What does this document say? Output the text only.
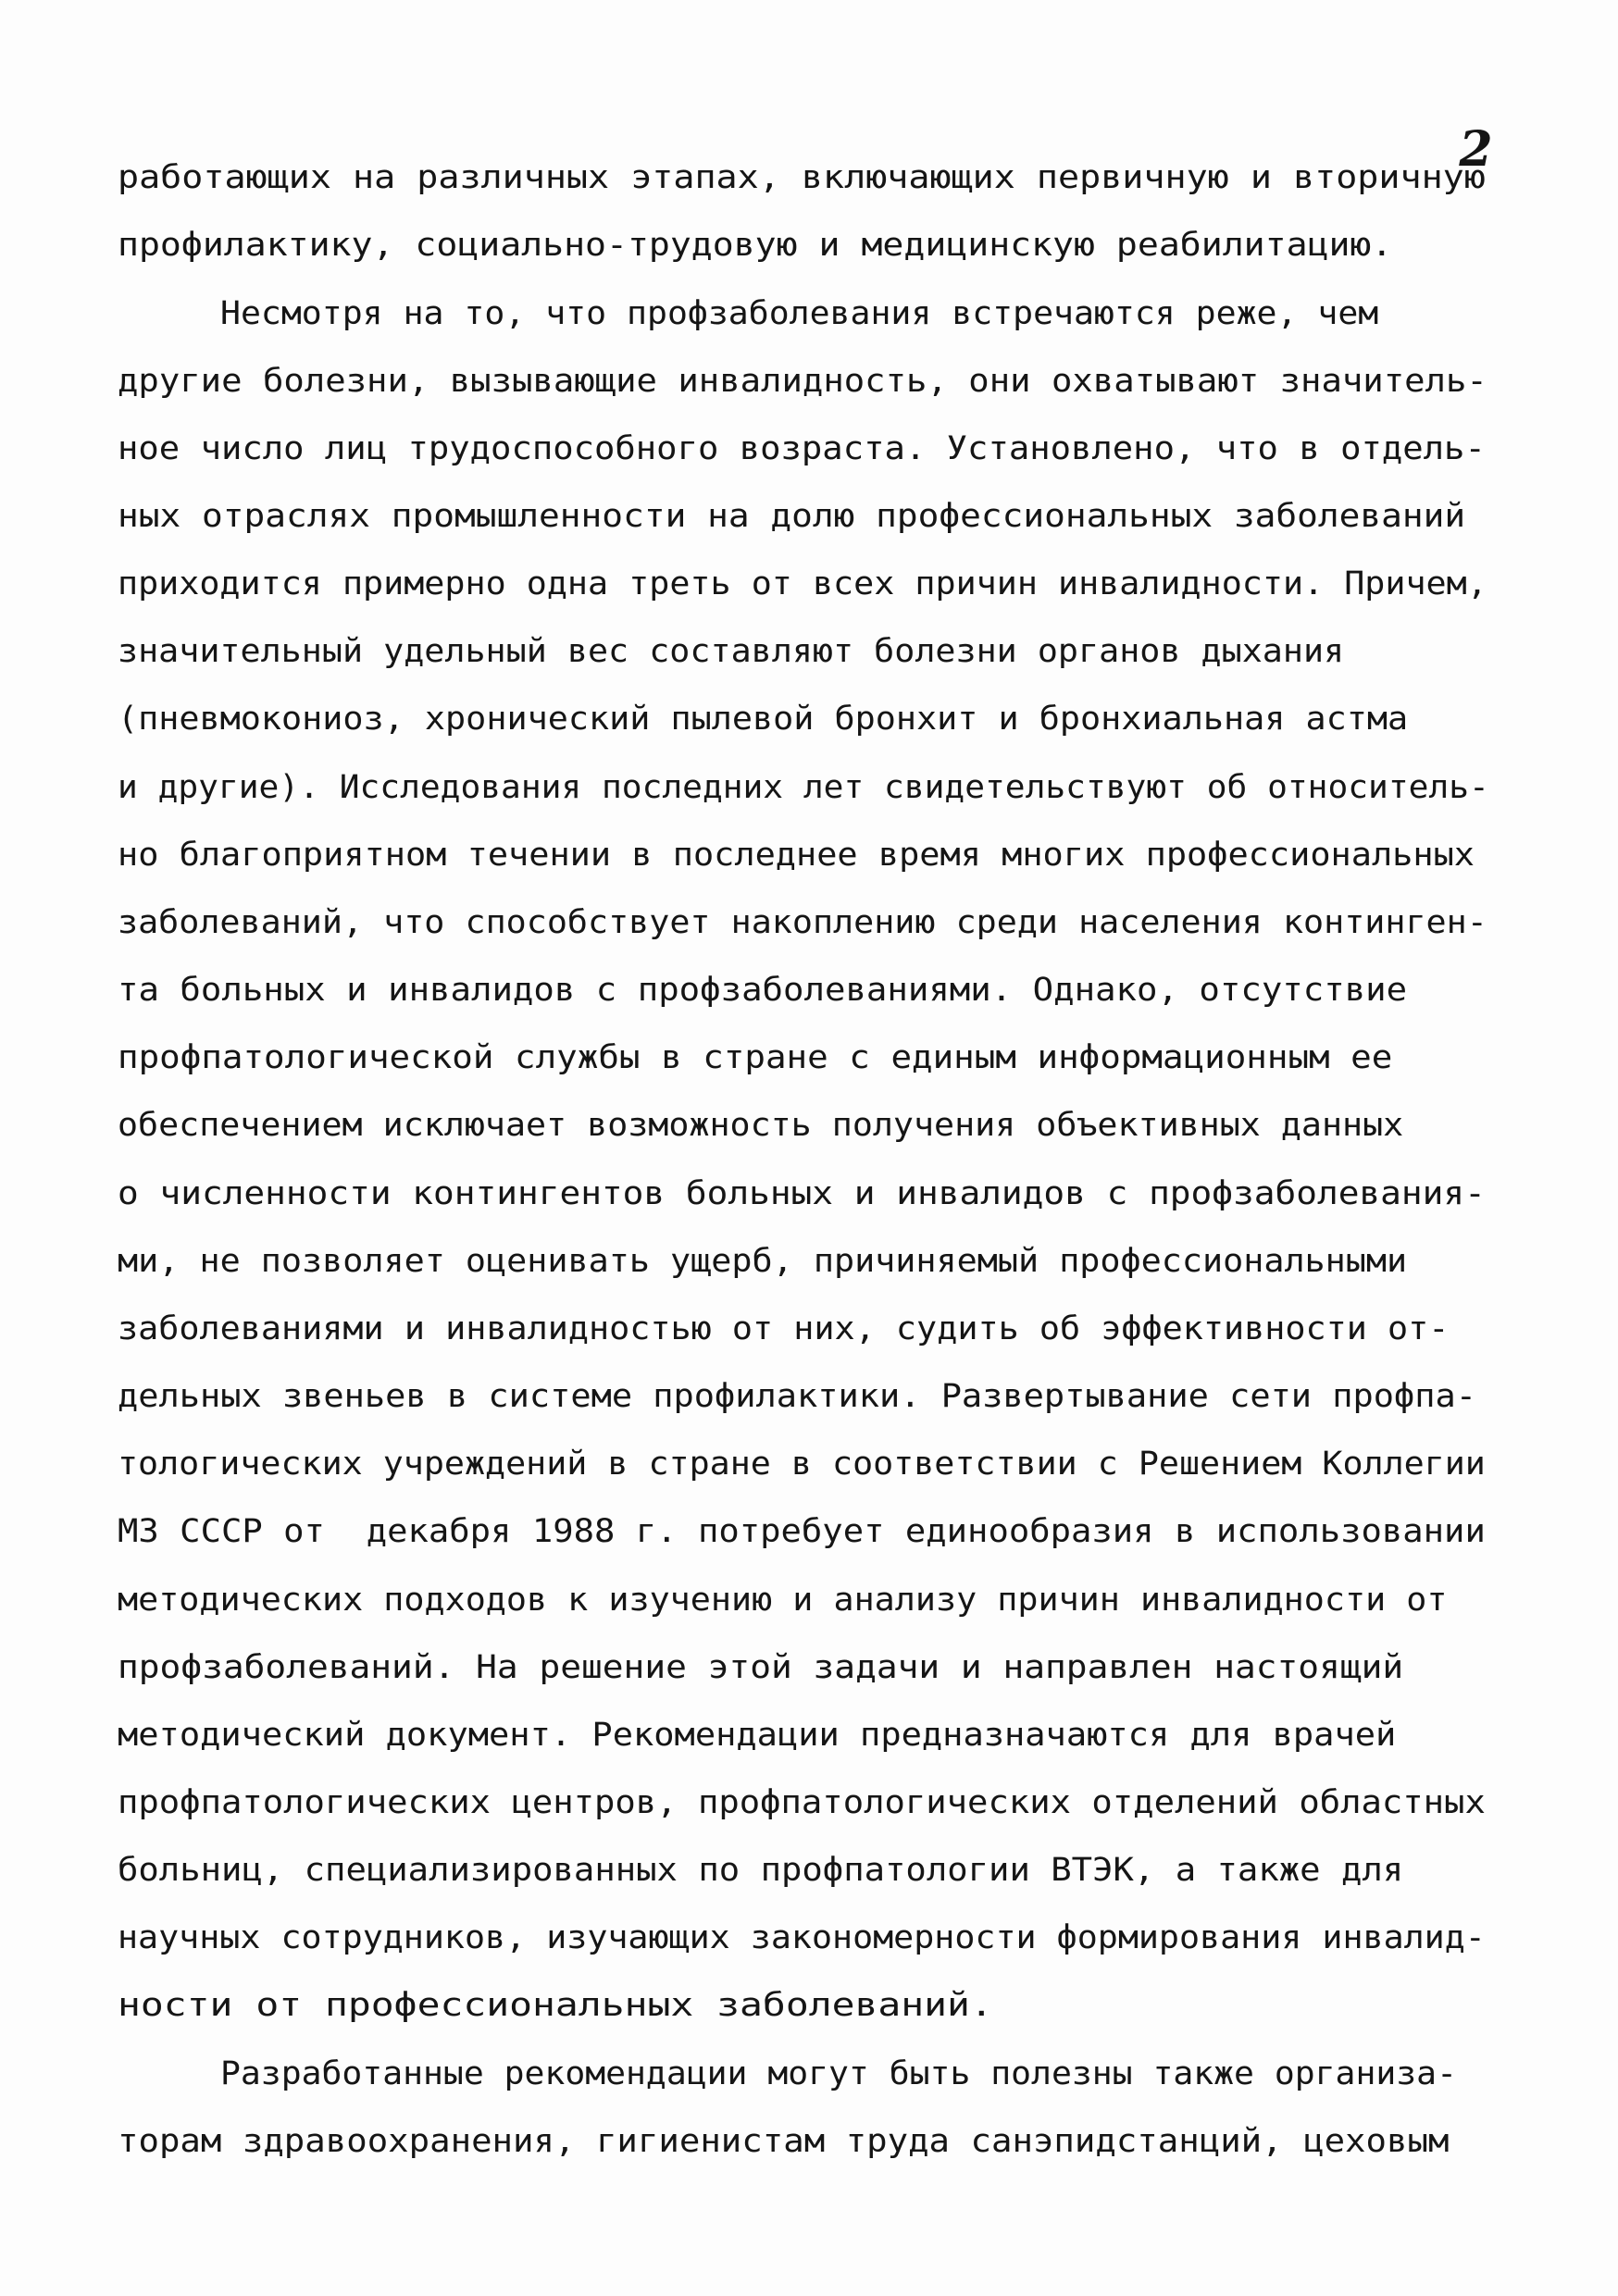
2
работающих на различных этапах, включающих первичную и вторичную
профилактику, социально-трудовую и медицинскую реабилитацию.
Несмотря на то, что профзаболевания встречаются реже, чем
другие болезни, вызывающие инвалидность, они охватывают значитель-
ное число лиц трудоспособного возраста. Установлено, что в отдель-
ных отраслях промышленности на долю профессиональных заболеваний
приходится примерно одна треть от всех причин инвалидности. Причем,
значительный удельный вес составляют болезни органов дыхания
(пневмокониоз, хронический пылевой бронхит и бронхиальная астма
и другие). Исследования последних лет свидетельствуют об относитель-
но благоприятном течении в последнее время многих профессиональных
заболеваний, что способствует накоплению среди населения континген-
та больных и инвалидов с профзаболеваниями. Однако, отсутствие
профпатологической службы в стране с единым информационным ее
обеспечением исключает возможность получения объективных данных
о численности контингентов больных и инвалидов с профзаболевания-
ми, не позволяет оценивать ущерб, причиняемый профессиональными
заболеваниями и инвалидностью от них, судить об эффективности от-
дельных звеньев в системе профилактики. Развертывание сети профпа-
тологических учреждений в стране в соответствии с Решением Коллегии
МЗ СССР от  декабря 1988 г. потребует единообразия в использовании
методических подходов к изучению и анализу причин инвалидности от
профзаболеваний. На решение этой задачи и направлен настоящий
методический документ. Рекомендации предназначаются для врачей
профпатологических центров, профпатологических отделений областных
больниц, специализированных по профпатологии ВТЭК, а также для
научных сотрудников, изучающих закономерности формирования инвалид-
ности от профессиональных заболеваний.
Разработанные рекомендации могут быть полезны также организа-
торам здравоохранения, гигиенистам труда санэпидстанций, цеховым
